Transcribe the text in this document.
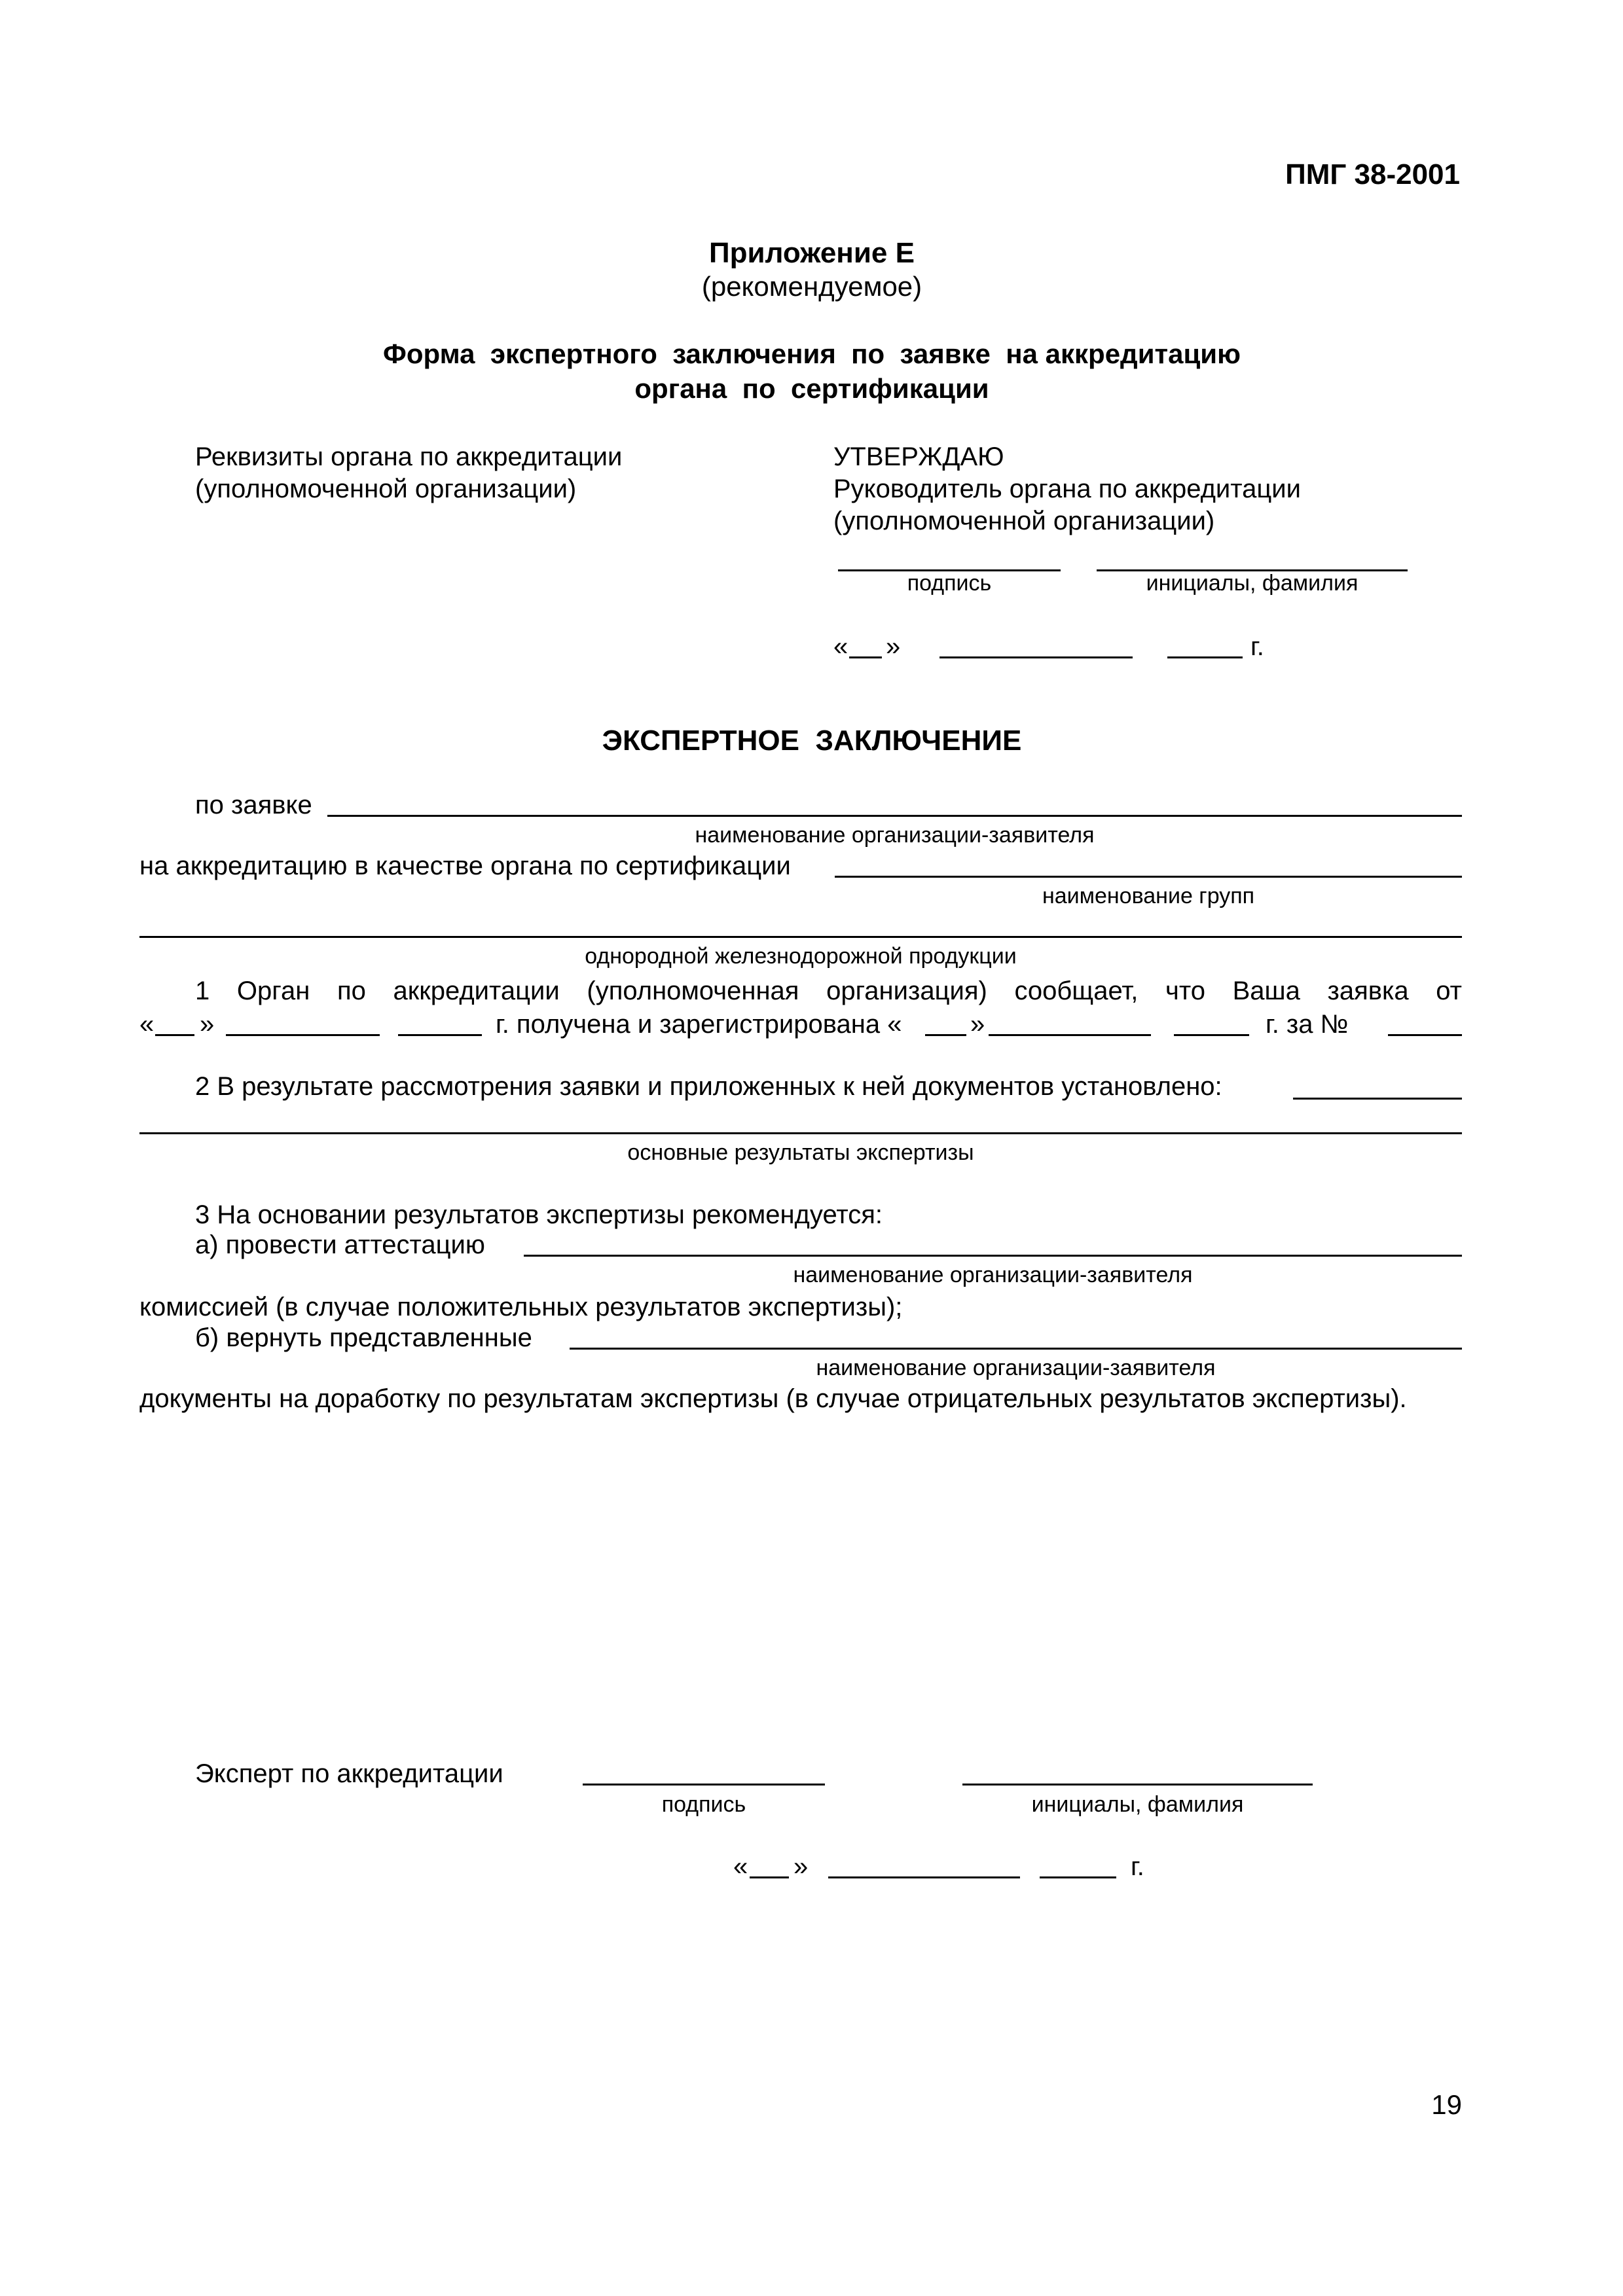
ПМГ 38-2001
Приложение Е
(рекомендуемое)
Форма  экспертного  заключения  по  заявке  на аккредитацию
органа  по  сертификации
Реквизиты органа по аккредитации
(уполномоченной организации)
УТВЕРЖДАЮ
Руководитель органа по аккредитации
(уполномоченной организации)
подпись	инициалы, фамилия
« »	г.
ЭКСПЕРТНОЕ  ЗАКЛЮЧЕНИЕ
по заявке
наименование организации-заявителя
на аккредитацию в качестве органа по сертификации
наименование групп
однородной железнодорожной продукции
1 Орган по аккредитации (уполномоченная организация) сообщает, что Ваша заявка от
« »	г. получена и зарегистрирована «	»	г. за №
2 В результате рассмотрения заявки и приложенных к ней документов установлено:
основные результаты экспертизы
3 На основании результатов экспертизы рекомендуется:
а) провести аттестацию
наименование организации-заявителя
комиссией (в случае положительных результатов экспертизы);
б) вернуть представленные
наименование организации-заявителя
документы на доработку по результатам экспертизы (в случае отрицательных результатов экспертизы).
Эксперт по аккредитации
подпись	инициалы, фамилия
« »	г.
19
